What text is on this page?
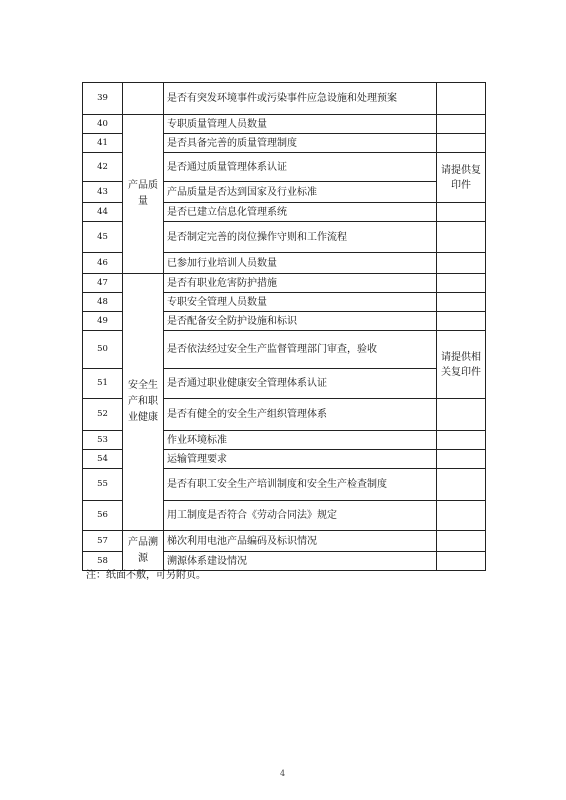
39		是否有突发环境事件或污染事件应急设施和处理预案	
40	产品质量	专职质量管理人员数量	
41		是否具备完善的质量管理制度	
42		是否通过质量管理体系认证	请提供复印件
43		产品质量是否达到国家及行业标准	
44		是否已建立信息化管理系统	
45		是否制定完善的岗位操作守则和工作流程	
46		已参加行业培训人员数量	
47	安全生产和职业健康	是否有职业危害防护措施	
48		专职安全管理人员数量	
49		是否配备安全防护设施和标识	
50		是否依法经过安全生产监督管理部门审查，验收	请提供相关复印件
51		是否通过职业健康安全管理体系认证	
52		是否有健全的安全生产组织管理体系	
53		作业环境标准	
54		运输管理要求	
55		是否有职工安全生产培训制度和安全生产检查制度	
56		用工制度是否符合《劳动合同法》规定	
57	产品溯源	梯次利用电池产品编码及标识情况	
58		溯源体系建设情况	
注：纸面不敷，可另附页。
4
